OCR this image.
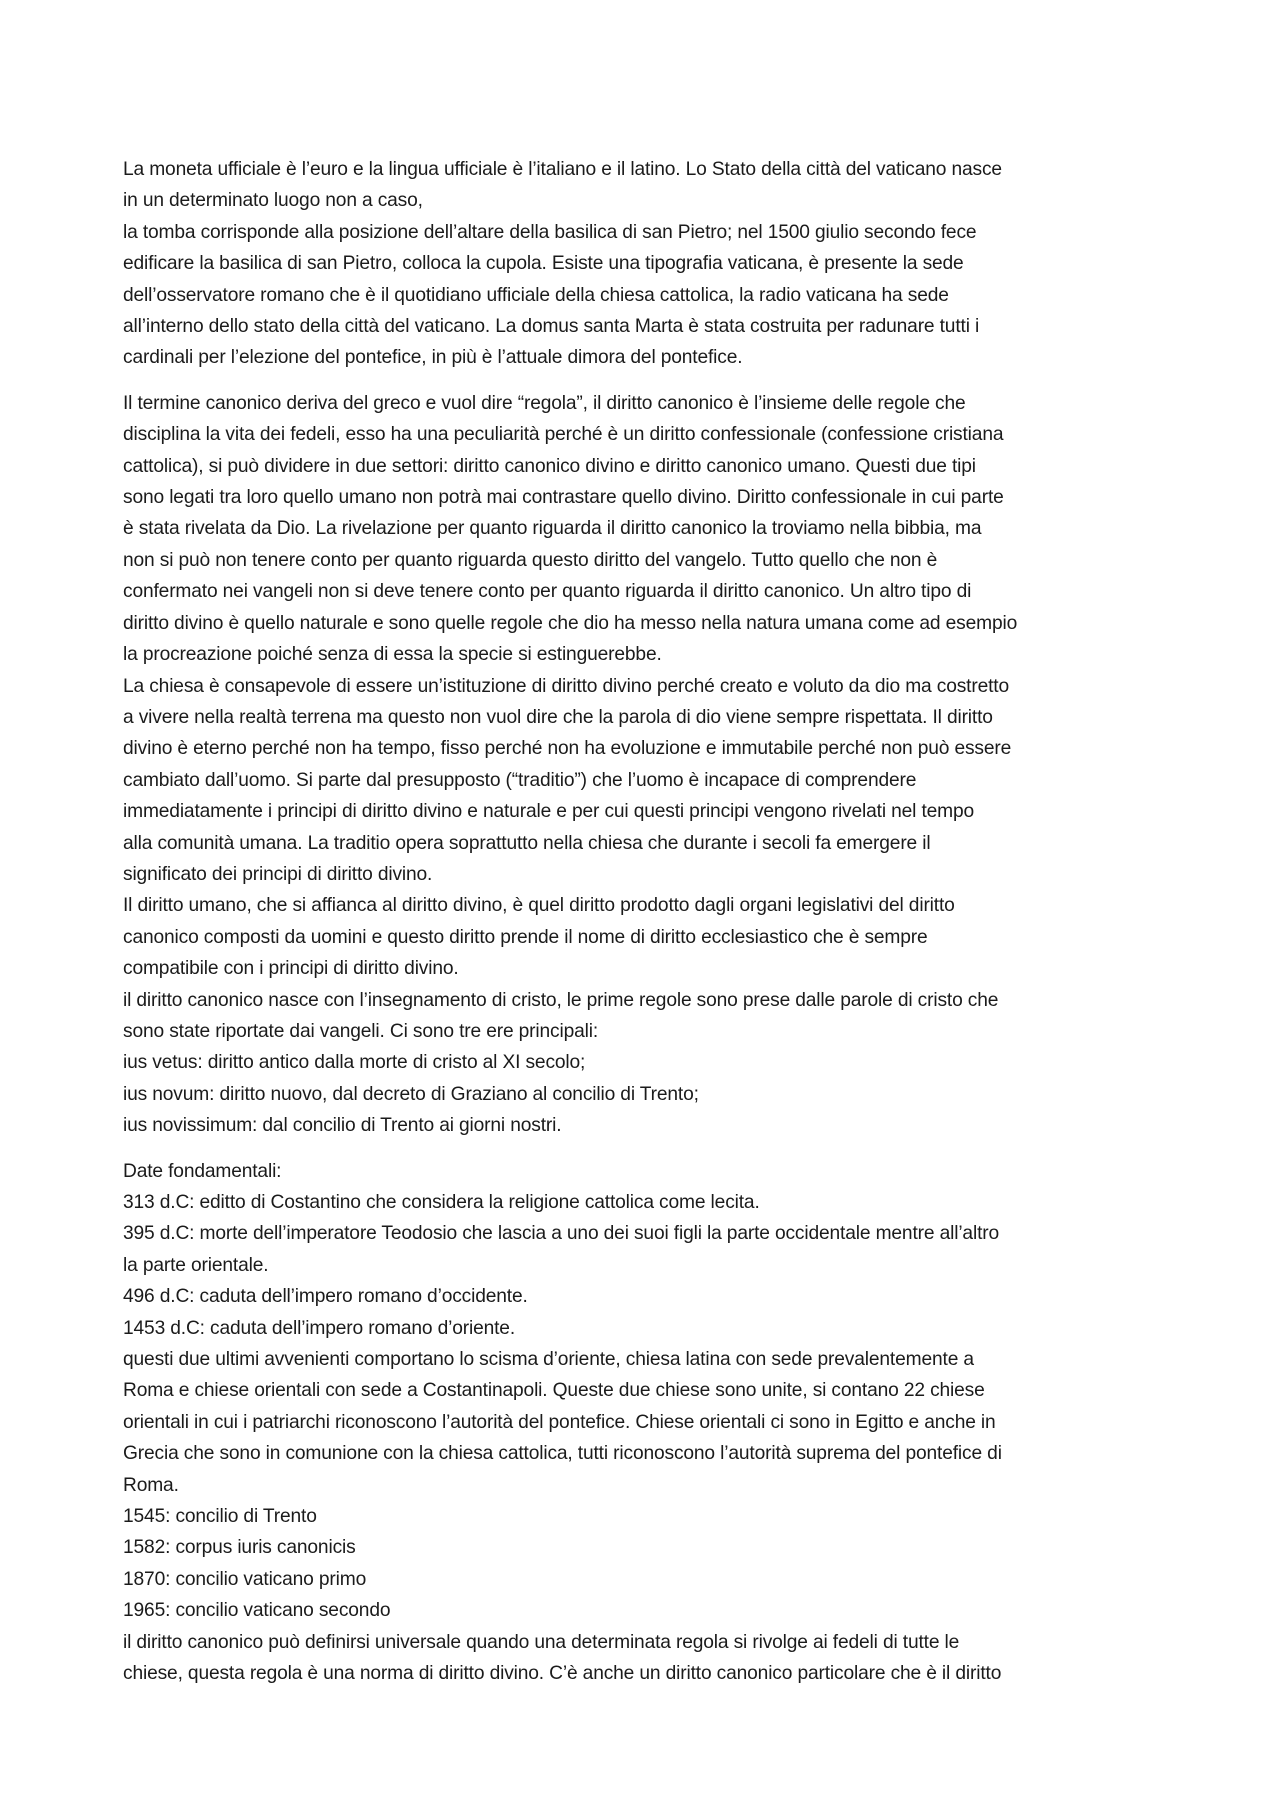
La moneta ufficiale è l’euro e la lingua ufficiale è l’italiano e il latino. Lo Stato della città del vaticano nasce
in un determinato luogo non a caso,
la tomba corrisponde alla posizione dell’altare della basilica di san Pietro; nel 1500 giulio secondo fece
edificare la basilica di san Pietro, colloca la cupola. Esiste una tipografia vaticana, è presente la sede
dell’osservatore romano che è il quotidiano ufficiale della chiesa cattolica, la radio vaticana ha sede
all’interno dello stato della città del vaticano. La domus santa Marta è stata costruita per radunare tutti i
cardinali per l’elezione del pontefice, in più è l’attuale dimora del pontefice.
Il termine canonico deriva del greco e vuol dire “regola”, il diritto canonico è l’insieme delle regole che
disciplina la vita dei fedeli, esso ha una peculiarità perché è un diritto confessionale (confessione cristiana
cattolica), si può dividere in due settori: diritto canonico divino e diritto canonico umano. Questi due tipi
sono legati tra loro quello umano non potrà mai contrastare quello divino. Diritto confessionale in cui parte
è stata rivelata da Dio. La rivelazione per quanto riguarda il diritto canonico la troviamo nella bibbia, ma
non si può non tenere conto per quanto riguarda questo diritto del vangelo. Tutto quello che non è
confermato nei vangeli non si deve tenere conto per quanto riguarda il diritto canonico. Un altro tipo di
diritto divino è quello naturale e sono quelle regole che dio ha messo nella natura umana come ad esempio
la procreazione poiché senza di essa la specie si estinguerebbe.
La chiesa è consapevole di essere un’istituzione di diritto divino perché creato e voluto da dio ma costretto
a vivere nella realtà terrena ma questo non vuol dire che la parola di dio viene sempre rispettata. Il diritto
divino è eterno perché non ha tempo, fisso perché non ha evoluzione e immutabile perché non può essere
cambiato dall’uomo. Si parte dal presupposto (“traditio”) che l’uomo è incapace di comprendere
immediatamente i principi di diritto divino e naturale e per cui questi principi vengono rivelati nel tempo
alla comunità umana. La traditio opera soprattutto nella chiesa che durante i secoli fa emergere il
significato dei principi di diritto divino.
Il diritto umano, che si affianca al diritto divino, è quel diritto prodotto dagli organi legislativi del diritto
canonico composti da uomini e questo diritto prende il nome di diritto ecclesiastico che è sempre
compatibile con i principi di diritto divino.
il diritto canonico nasce con l’insegnamento di cristo, le prime regole sono prese dalle parole di cristo che
sono state riportate dai vangeli. Ci sono tre ere principali:
ius vetus: diritto antico dalla morte di cristo al XI secolo;
ius novum: diritto nuovo, dal decreto di Graziano al concilio di Trento;
ius novissimum: dal concilio di Trento ai giorni nostri.
Date fondamentali:
313 d.C: editto di Costantino che considera la religione cattolica come lecita.
395 d.C: morte dell’imperatore Teodosio che lascia a uno dei suoi figli la parte occidentale mentre all’altro
la parte orientale.
496 d.C: caduta dell’impero romano d’occidente.
1453 d.C: caduta dell’impero romano d’oriente.
questi due ultimi avvenienti comportano lo scisma d’oriente, chiesa latina con sede prevalentemente a
Roma e chiese orientali con sede a Costantinapoli. Queste due chiese sono unite, si contano 22 chiese
orientali in cui i patriarchi riconoscono l’autorità del pontefice. Chiese orientali ci sono in Egitto e anche in
Grecia che sono in comunione con la chiesa cattolica, tutti riconoscono l’autorità suprema del pontefice di
Roma.
1545: concilio di Trento
1582: corpus iuris canonicis
1870: concilio vaticano primo
1965: concilio vaticano secondo
il diritto canonico può definirsi universale quando una determinata regola si rivolge ai fedeli di tutte le
chiese, questa regola è una norma di diritto divino. C’è anche un diritto canonico particolare che è il diritto
